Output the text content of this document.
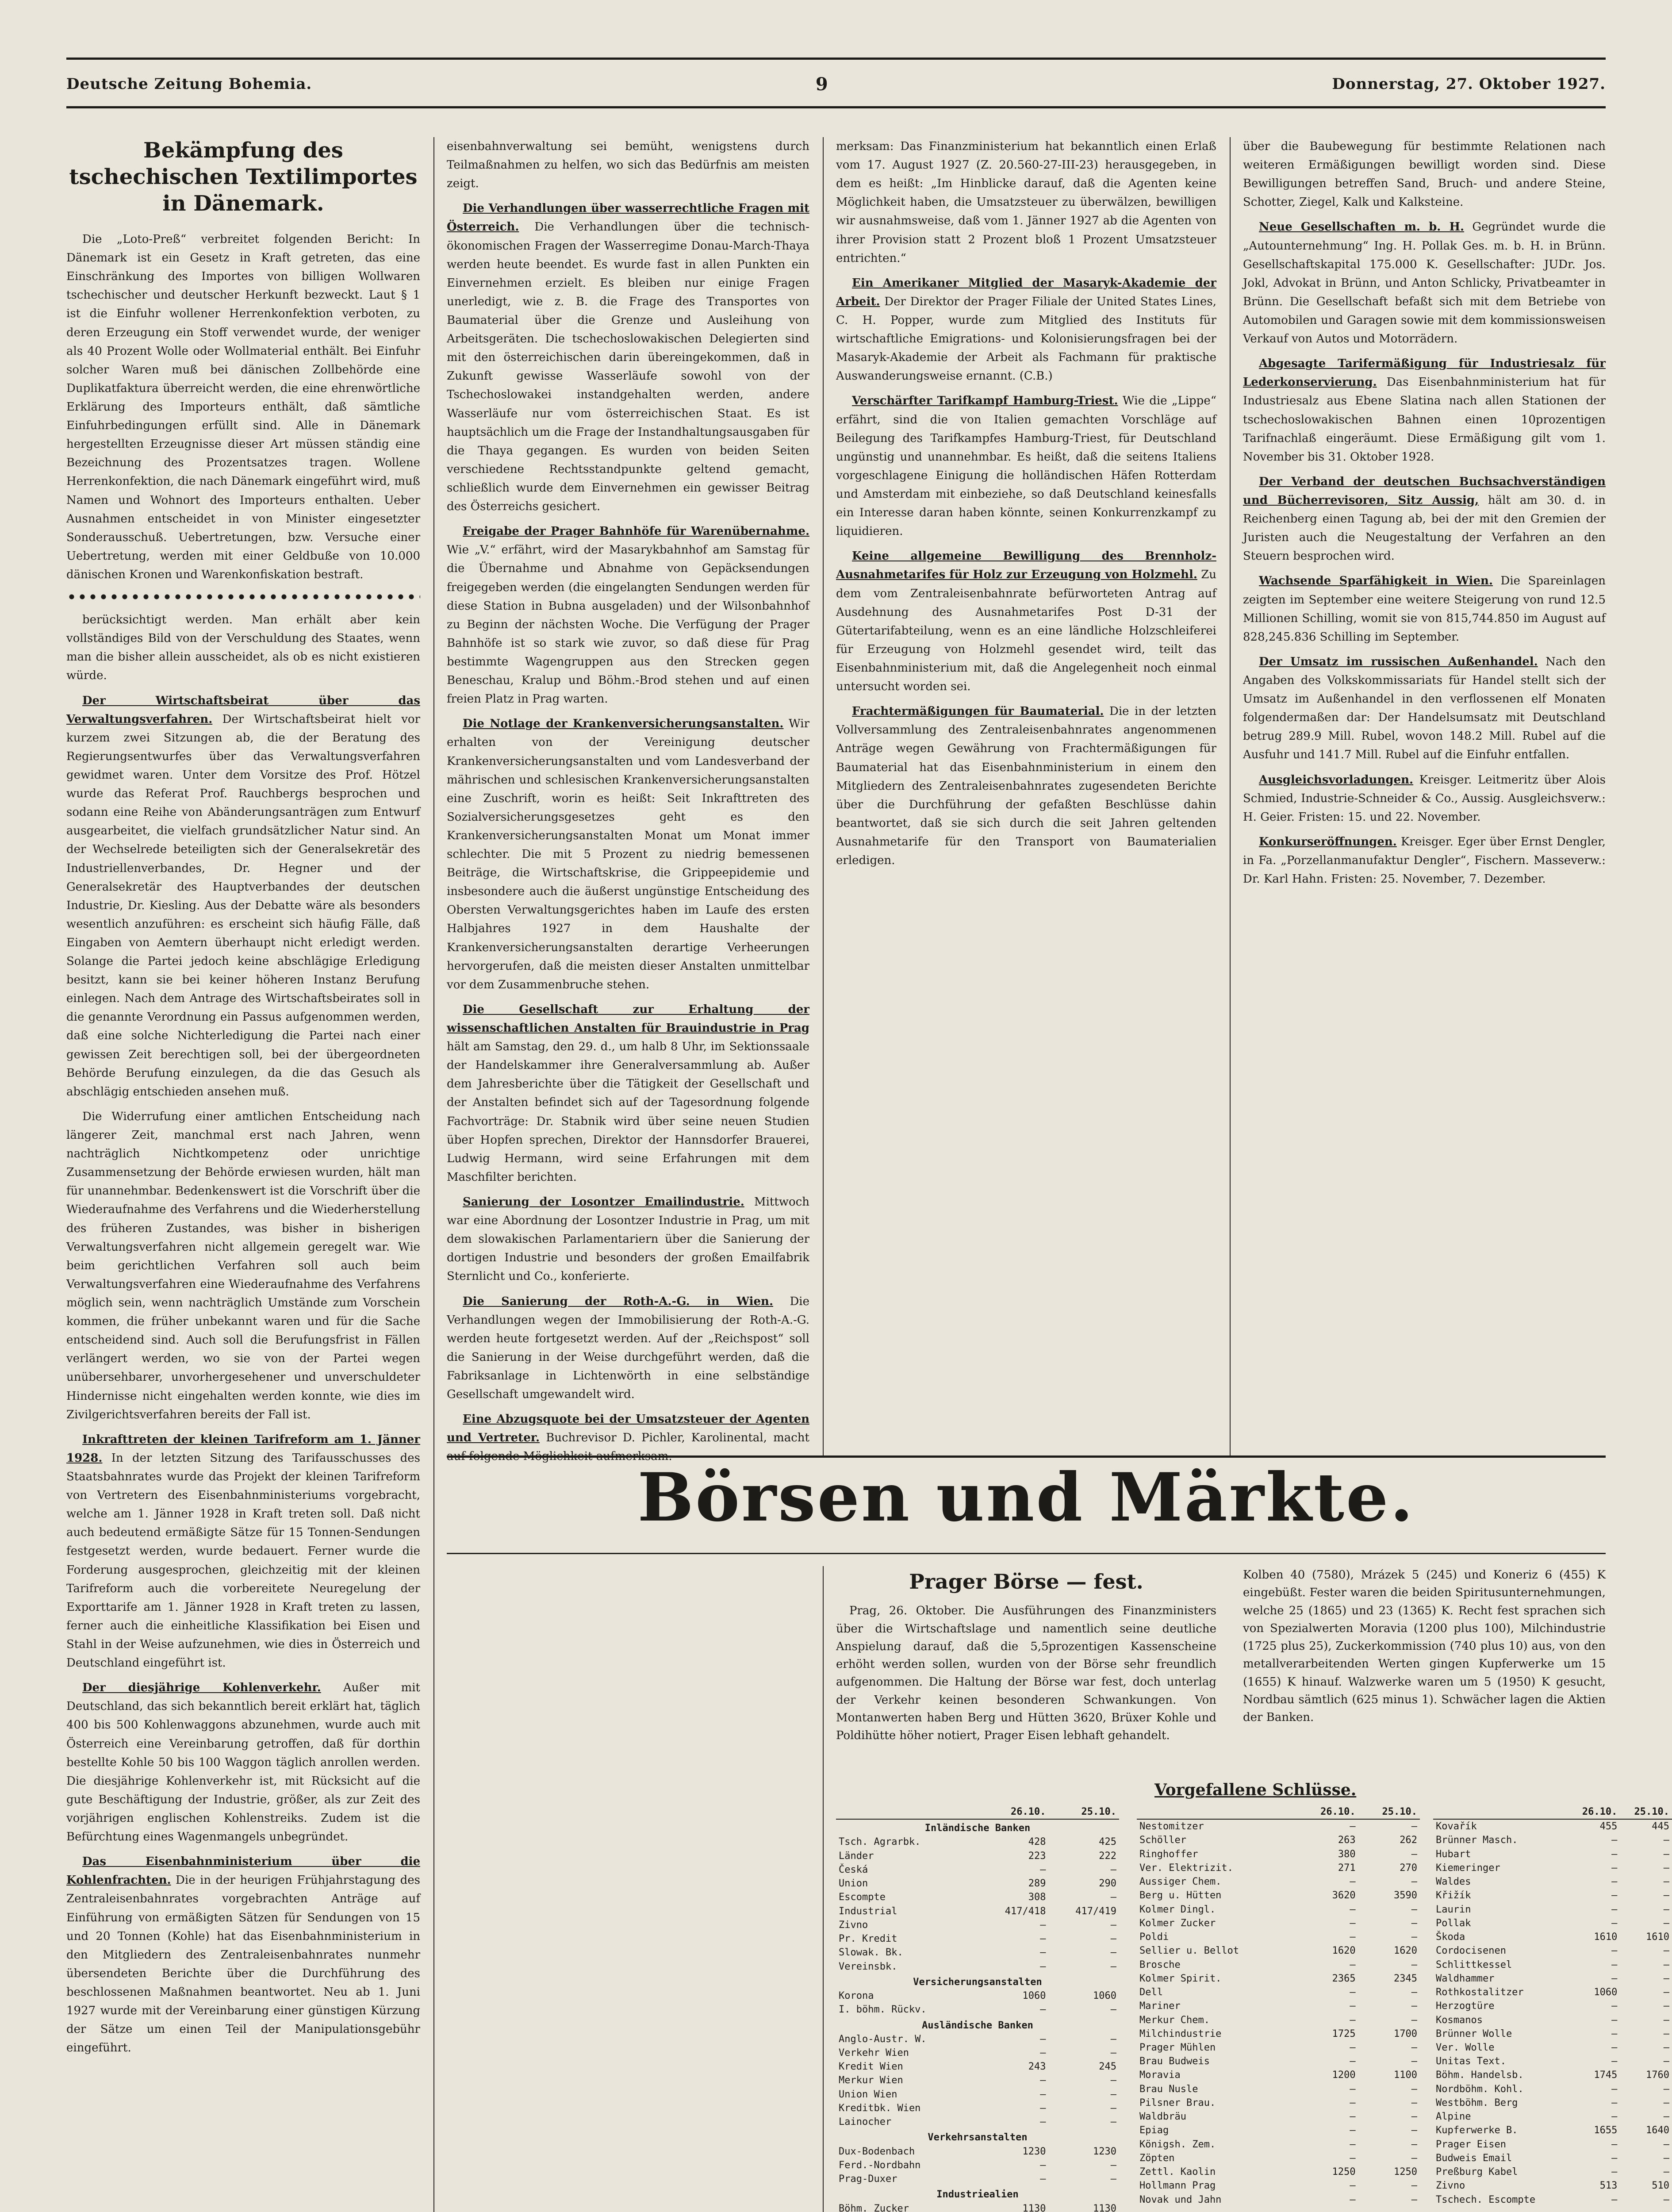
Deutsche Zeitung Bohemia.	9	Donnerstag, 27. Oktober 1927.
Bekämpfung des tschechischen Textilimportes in Dänemark.

Die „Loto-Preß“ verbreitet folgenden Bericht: In Dänemark ist ein Gesetz in Kraft getreten, das eine Einschränkung des Importes von billigen Wollwaren tschechischer und deutscher Herkunft bezweckt. Laut § 1 ist die Einfuhr wollener Herrenkonfektion verboten, zu deren Erzeugung ein Stoff verwendet wurde, der weniger als 40 Prozent Wolle oder Wollmaterial enthält. Bei Einfuhr solcher Waren muß bei dänischen Zollbehörde eine Duplikatfaktura überreicht werden, die eine ehrenwörtliche Erklärung des Importeurs enthält, daß sämtliche Einfuhrbedingungen erfüllt sind. Alle in Dänemark hergestellten Erzeugnisse dieser Art müssen ständig eine Bezeichnung des Prozentsatzes tragen. Wollene Herrenkonfektion, die nach Dänemark eingeführt wird, muß Namen und Wohnort des Importeurs enthalten. Ueber Ausnahmen entscheidet in von Minister eingesetzter Sonderausschuß. Uebertretungen, bzw. Versuche einer Uebertretung, werden mit einer Geldbuße von 10.000 dänischen Kronen und Warenkonfiskation bestraft.

berücksichtigt werden. Man erhält aber kein vollständiges Bild von der Verschuldung des Staates, wenn man die bisher allein ausscheidet, als ob es nicht existieren würde.

Der Wirtschaftsbeirat über das Verwaltungsverfahren. Der Wirtschaftsbeirat hielt vor kurzem zwei Sitzungen ab, die der Beratung des Regierungsentwurfes über das Verwaltungsverfahren gewidmet waren. Unter dem Vorsitze des Prof. Hötzel wurde das Referat Prof. Rauchbergs besprochen und sodann eine Reihe von Abänderungsanträgen zum Entwurf ausgearbeitet, die vielfach grundsätzlicher Natur sind. An der Wechselrede beteiligten sich der Generalsekretär des Industriellenverbandes, Dr. Hegner und der Generalsekretär des Hauptverbandes der deutschen Industrie, Dr. Kiesling. Aus der Debatte wäre als besonders wesentlich anzuführen: es erscheint sich häufig Fälle, daß Eingaben von Aemtern überhaupt nicht erledigt werden. Solange die Partei jedoch keine abschlägige Erledigung besitzt, kann sie bei keiner höheren Instanz Berufung einlegen. Nach dem Antrage des Wirtschaftsbeirates soll in die genannte Verordnung ein Passus aufgenommen werden, daß eine solche Nichterledigung die Partei nach einer gewissen Zeit berechtigen soll, bei der übergeordneten Behörde Berufung einzulegen, da die das Gesuch als abschlägig entschieden ansehen muß.

Die Widerrufung einer amtlichen Entscheidung nach längerer Zeit, manchmal erst nach Jahren, wenn nachträglich Nichtkompetenz oder unrichtige Zusammensetzung der Behörde erwiesen wurden, hält man für unannehmbar. Bedenkenswert ist die Vorschrift über die Wiederaufnahme des Verfahrens und die Wiederherstellung des früheren Zustandes, was bisher in bisherigen Verwaltungsverfahren nicht allgemein geregelt war. Wie beim gerichtlichen Verfahren soll auch beim Verwaltungsverfahren eine Wiederaufnahme des Verfahrens möglich sein, wenn nachträglich Umstände zum Vorschein kommen, die früher unbekannt waren und für die Sache entscheidend sind. Auch soll die Berufungsfrist in Fällen verlängert werden, wo sie von der Partei wegen unübersehbarer, unvorhergesehener und unverschuldeter Hindernisse nicht eingehalten werden konnte, wie dies im Zivilgerichtsverfahren bereits der Fall ist.

Inkrafttreten der kleinen Tarifreform am 1. Jänner 1928. In der letzten Sitzung des Tarifausschusses des Staatsbahnrates wurde das Projekt der kleinen Tarifreform von Vertretern des Eisenbahnministeriums vorgebracht, welche am 1. Jänner 1928 in Kraft treten soll. Daß nicht auch bedeutend ermäßigte Sätze für 15 Tonnen-Sendungen festgesetzt werden, wurde bedauert. Ferner wurde die Forderung ausgesprochen, gleichzeitig mit der kleinen Tarifreform auch die vorbereitete Neuregelung der Exporttarife am 1. Jänner 1928 in Kraft treten zu lassen, ferner auch die einheitliche Klassifikation bei Eisen und Stahl in der Weise aufzunehmen, wie dies in Österreich und Deutschland eingeführt ist.

Der diesjährige Kohlenverkehr. Außer mit Deutschland, das sich bekanntlich bereit erklärt hat, täglich 400 bis 500 Kohlenwaggons abzunehmen, wurde auch mit Österreich eine Vereinbarung getroffen, daß für dorthin bestellte Kohle 50 bis 100 Waggon täglich anrollen werden. Die diesjährige Kohlenverkehr ist, mit Rücksicht auf die gute Beschäftigung der Industrie, größer, als zur Zeit des vorjährigen englischen Kohlenstreiks. Zudem ist die Befürchtung eines Wagenmangels unbegründet.

Das Eisenbahnministerium über die Kohlenfrachten. Die in der heurigen Frühjahrstagung des Zentraleisenbahnrates vorgebrachten Anträge auf Einführung von ermäßigten Sätzen für Sendungen von 15 und 20 Tonnen (Kohle) hat das Eisenbahnministerium in den Mitgliedern des Zentraleisenbahnrates nunmehr übersendeten Berichte über die Durchführung des beschlossenen Maßnahmen beantwortet. Neu ab 1. Juni 1927 wurde mit der Vereinbarung einer günstigen Kürzung der Sätze um einen Teil der Manipulationsgebühr eingeführt.

eisenbahnverwaltung sei bemüht, wenigstens durch Teilmaßnahmen zu helfen, wo sich das Bedürfnis am meisten zeigt.

Die Verhandlungen über wasserrechtliche Fragen mit Österreich. Die Verhandlungen über die technisch-ökonomischen Fragen der Wasserregime Donau-March-Thaya werden heute beendet. Es wurde fast in allen Punkten ein Einvernehmen erzielt. Es bleiben nur einige Fragen unerledigt, wie z. B. die Frage des Transportes von Baumaterial über die Grenze und Ausleihung von Arbeitsgeräten. Die tschechoslowakischen Delegierten sind mit den österreichischen darin übereingekommen, daß in Zukunft gewisse Wasserläufe sowohl von der Tschechoslowakei instandgehalten werden, andere Wasserläufe nur vom österreichischen Staat. Es ist hauptsächlich um die Frage der Instandhaltungsausgaben für die Thaya gegangen. Es wurden von beiden Seiten verschiedene Rechtsstandpunkte geltend gemacht, schließlich wurde dem Einvernehmen ein gewisser Beitrag des Österreichs gesichert.

Freigabe der Prager Bahnhöfe für Warenübernahme. Wie „V.“ erfährt, wird der Masarykbahnhof am Samstag für die Übernahme und Abnahme von Gepäcksendungen freigegeben werden (die eingelangten Sendungen werden für diese Station in Bubna ausgeladen) und der Wilsonbahnhof zu Beginn der nächsten Woche. Die Verfügung der Prager Bahnhöfe ist so stark wie zuvor, so daß diese für Prag bestimmte Wagengruppen aus den Strecken gegen Beneschau, Kralup und Böhm.-Brod stehen und auf einen freien Platz in Prag warten.

Die Notlage der Krankenversicherungsanstalten. Wir erhalten von der Vereinigung deutscher Krankenversicherungsanstalten und vom Landesverband der mährischen und schlesischen Krankenversicherungsanstalten eine Zuschrift, worin es heißt: Seit Inkrafttreten des Sozialversicherungsgesetzes geht es den Krankenversicherungsanstalten Monat um Monat immer schlechter. Die mit 5 Prozent zu niedrig bemessenen Beiträge, die Wirtschaftskrise, die Grippeepidemie und insbesondere auch die äußerst ungünstige Entscheidung des Obersten Verwaltungsgerichtes haben im Laufe des ersten Halbjahres 1927 in dem Haushalte der Krankenversicherungsanstalten derartige Verheerungen hervorgerufen, daß die meisten dieser Anstalten unmittelbar vor dem Zusammenbruche stehen.

Die Gesellschaft zur Erhaltung der wissenschaftlichen Anstalten für Brauindustrie in Prag hält am Samstag, den 29. d., um halb 8 Uhr, im Sektionssaale der Handelskammer ihre Generalversammlung ab. Außer dem Jahresberichte über die Tätigkeit der Gesellschaft und der Anstalten befindet sich auf der Tagesordnung folgende Fachvorträge: Dr. Stabnik wird über seine neuen Studien über Hopfen sprechen, Direktor der Hannsdorfer Brauerei, Ludwig Hermann, wird seine Erfahrungen mit dem Maschfilter berichten.

Sanierung der Losontzer Emailindustrie. Mittwoch war eine Abordnung der Losontzer Industrie in Prag, um mit dem slowakischen Parlamentariern über die Sanierung der dortigen Industrie und besonders der großen Emailfabrik Sternlicht und Co., konferierte.

Die Sanierung der Roth-A.-G. in Wien. Die Verhandlungen wegen der Immobilisierung der Roth-A.-G. werden heute fortgesetzt werden. Auf der „Reichspost“ soll die Sanierung in der Weise durchgeführt werden, daß die Fabriksanlage in Lichtenwörth in eine selbständige Gesellschaft umgewandelt wird.

Eine Abzugsquote bei der Umsatzsteuer der Agenten und Vertreter. Buchrevisor D. Pichler, Karolinental, macht auf folgende Möglichkeit aufmerksam.

merksam: Das Finanzministerium hat bekanntlich einen Erlaß vom 17. August 1927 (Z. 20.560-27-III-23) herausgegeben, in dem es heißt: „Im Hinblicke darauf, daß die Agenten keine Möglichkeit haben, die Umsatzsteuer zu überwälzen, bewilligen wir ausnahmsweise, daß vom 1. Jänner 1927 ab die Agenten von ihrer Provision statt 2 Prozent bloß 1 Prozent Umsatzsteuer entrichten.“

Ein Amerikaner Mitglied der Masaryk-Akademie der Arbeit. Der Direktor der Prager Filiale der United States Lines, C. H. Popper, wurde zum Mitglied des Instituts für wirtschaftliche Emigrations- und Kolonisierungsfragen bei der Masaryk-Akademie der Arbeit als Fachmann für praktische Auswanderungsweise ernannt. (C.B.)

Verschärfter Tarifkampf Hamburg-Triest. Wie die „Lippe“ erfährt, sind die von Italien gemachten Vorschläge auf Beilegung des Tarifkampfes Hamburg-Triest, für Deutschland ungünstig und unannehmbar. Es heißt, daß die seitens Italiens vorgeschlagene Einigung die holländischen Häfen Rotterdam und Amsterdam mit einbeziehe, so daß Deutschland keinesfalls ein Interesse daran haben könnte, seinen Konkurrenzkampf zu liquidieren.

Keine allgemeine Bewilligung des Brennholz-Ausnahmetarifes für Holz zur Erzeugung von Holzmehl. Zu dem vom Zentraleisenbahnrate befürworteten Antrag auf Ausdehnung des Ausnahmetarifes Post D-31 der Gütertarifabteilung, wenn es an eine ländliche Holzschleiferei für Erzeugung von Holzmehl gesendet wird, teilt das Eisenbahnministerium mit, daß die Angelegenheit noch einmal untersucht worden sei.

Frachtermäßigungen für Baumaterial. Die in der letzten Vollversammlung des Zentraleisenbahnrates angenommenen Anträge wegen Gewährung von Frachtermäßigungen für Baumaterial hat das Eisenbahnministerium in einem den Mitgliedern des Zentraleisenbahnrates zugesendeten Berichte über die Durchführung der gefaßten Beschlüsse dahin beantwortet, daß sie sich durch die seit Jahren geltenden Ausnahmetarife für den Transport von Baumaterialien erledigen.

über die Baubewegung für bestimmte Relationen nach weiteren Ermäßigungen bewilligt worden sind. Diese Bewilligungen betreffen Sand, Bruch- und andere Steine, Schotter, Ziegel, Kalk und Kalksteine.

Neue Gesellschaften m. b. H. Gegründet wurde die „Autounternehmung“ Ing. H. Pollak Ges. m. b. H. in Brünn. Gesellschaftskapital 175.000 K. Gesellschafter: JUDr. Jos. Jokl, Advokat in Brünn, und Anton Schlicky, Privatbeamter in Brünn. Die Gesellschaft befaßt sich mit dem Betriebe von Automobilen und Garagen sowie mit dem kommissionsweisen Verkauf von Autos und Motorrädern.

Abgesagte Tarifermäßigung für Industriesalz für Lederkonservierung. Das Eisenbahnministerium hat für Industriesalz aus Ebene Slatina nach allen Stationen der tschechoslowakischen Bahnen einen 10prozentigen Tarifnachlaß eingeräumt. Diese Ermäßigung gilt vom 1. November bis 31. Oktober 1928.

Der Verband der deutschen Buchsachverständigen und Bücherrevisoren, Sitz Aussig, hält am 30. d. in Reichenberg einen Tagung ab, bei der mit den Gremien der Juristen auch die Neugestaltung der Verfahren an den Steuern besprochen wird.

Wachsende Sparfähigkeit in Wien. Die Spareinlagen zeigten im September eine weitere Steigerung von rund 12.5 Millionen Schilling, womit sie von 815,744.850 im August auf 828,245.836 Schilling im September.

Der Umsatz im russischen Außenhandel. Nach den Angaben des Volkskommissariats für Handel stellt sich der Umsatz im Außenhandel in den verflossenen elf Monaten folgendermaßen dar: Der Handelsumsatz mit Deutschland betrug 289.9 Mill. Rubel, wovon 148.2 Mill. Rubel auf die Ausfuhr und 141.7 Mill. Rubel auf die Einfuhr entfallen.

Ausgleichsvorladungen. Kreisger. Leitmeritz über Alois Schmied, Industrie-Schneider & Co., Aussig. Ausgleichsverw.: H. Geier. Fristen: 15. und 22. November.

Konkurseröffnungen. Kreisger. Eger über Ernst Dengler, in Fa. „Porzellanmanufaktur Dengler“, Fischern. Masseverw.: Dr. Karl Hahn. Fristen: 25. November, 7. Dezember.

Börsen und Märkte.
Prager Börse — fest.

Prag, 26. Oktober. Die Ausführungen des Finanzministers über die Wirtschaftslage und namentlich seine deutliche Anspielung darauf, daß die 5,5prozentigen Kassenscheine erhöht werden sollen, wurden von der Börse sehr freundlich aufgenommen. Die Haltung der Börse war fest, doch unterlag der Verkehr keinen besonderen Schwankungen. Von Montanwerten haben Berg und Hütten 3620, Brüxer Kohle und Poldihütte höher notiert, Prager Eisen lebhaft gehandelt.

Kolben 40 (7580), Mrázek 5 (245) und Koneriz 6 (455) K eingebüßt. Fester waren die beiden Spiritusunternehmungen, welche 25 (1865) und 23 (1365) K. Recht fest sprachen sich von Spezialwerten Moravia (1200 plus 100), Milchindustrie (1725 plus 25), Zuckerkommission (740 plus 10) aus, von den metallverarbeitenden Werten gingen Kupferwerke um 15 (1655) K hinauf. Walzwerke waren um 5 (1950) K gesucht, Nordbau sämtlich (625 minus 1). Schwächer lagen die Aktien der Banken.

Vorgefallene Schlüsse.
	26.10.	25.10.
Inländische Banken		
Tsch. Agrarbk.	428	425
Länder	223	222
Česká	—	—
Union	289	290
Escompte	308	—
Industrial	417/418	417/419
Zivno	—	—
Pr. Kredit	—	—
Slowak. Bk.	—	—
Vereinsbk.	—	—
Versicherungsanstalten		
Korona	1060	1060
I. böhm. Rückv.	—	—
Ausländische Banken		
Anglo-Austr. W.	—	—
Verkehr Wien	—	—
Kredit Wien	243	245
Merkur Wien	—	—
Union Wien	—	—
Kreditbk. Wien	—	—
Lainocher	—	—
Verkehrsanstalten		
Dux-Bodenbach	1230	1230
Ferd.-Nordbahn	—	—
Prag-Duxer	—	—
Industriealien		
Böhm. Zucker	1130	1130

	26.10.	25.10.
Nestomitzer	—	—
Schöller	263	262
Ringhoffer	380	—
Ver. Elektrizit.	271	270
Aussiger Chem.	—	—
Berg u. Hütten	3620	3590
Kolmer Dingl.	—	—
Kolmer Zucker	—	—
Poldi	—	—
Sellier u. Bellot	1620	1620
Brosche	—	—
Kolmer Spirit.	2365	2345
Dell	—	—
Mariner	—	—
Merkur Chem.	—	—
Milchindustrie	1725	1700
Prager Mühlen	—	—
Brau Budweis	—	—
Moravia	1200	1100
Brau Nusle	—	—
Pilsner Brau.	—	—
Waldbräu	—	—
Epiag	—	—
Königsh. Zem.	—	—
Zöpten	—	—
Zettl. Kaolin	1250	1250
Hollmann Prag	—	—
Novak und Jahn	—	—
	26.10.	25.10.
Kovařík	455	445
Brünner Masch.	—	—
Hubart	—	—
Kiemeringer	—	—
Waldes	—	—
Křižík	—	—
Laurin	—	—
Pollak	—	—
Škoda	1610	1610
Cordocisenen	—	—
Schlittkessel	—	—
Waldhammer	—	—
Rothkostalitzer	1060	—
Herzogtüre	—	—
Kosmanos	—	—
Brünner Wolle	—	—
Ver. Wolle	—	—
Unitas Text.	—	—
Böhm. Handelsb.	1745	1760
Nordböhm. Kohl.	—	—
Westböhm. Berg	—	—
Alpine	—	—
Kupferwerke B.	1655	1640
Prager Eisen	—	—
Budweis Email	—	—
Preßburg Kabel	—	—
Zivno	513	510
Tschech. Escompte	—	—
